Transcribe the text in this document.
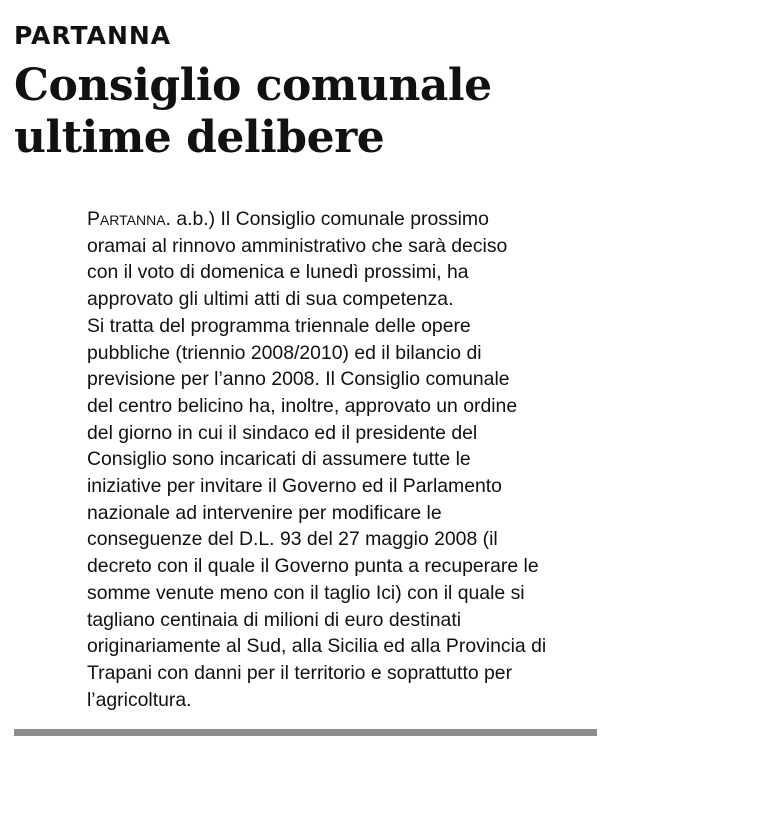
PARTANNA
Consiglio comunale
ultime delibere
Partanna. a.b.) Il Consiglio comunale prossimo
oramai al rinnovo amministrativo che sarà deciso
con il voto di domenica e lunedì prossimi, ha
approvato gli ultimi atti di sua competenza.
Si tratta del programma triennale delle opere
pubbliche (triennio 2008/2010) ed il bilancio di
previsione per l’anno 2008. Il Consiglio comunale
del centro belicino ha, inoltre, approvato un ordine
del giorno in cui il sindaco ed il presidente del
Consiglio sono incaricati di assumere tutte le
iniziative per invitare il Governo ed il Parlamento
nazionale ad intervenire per modificare le
conseguenze del D.L. 93 del 27 maggio 2008 (il
decreto con il quale il Governo punta a recuperare le
somme venute meno con il taglio Ici) con il quale si
tagliano centinaia di milioni di euro destinati
originariamente al Sud, alla Sicilia ed alla Provincia di
Trapani con danni per il territorio e soprattutto per
l’agricoltura.
